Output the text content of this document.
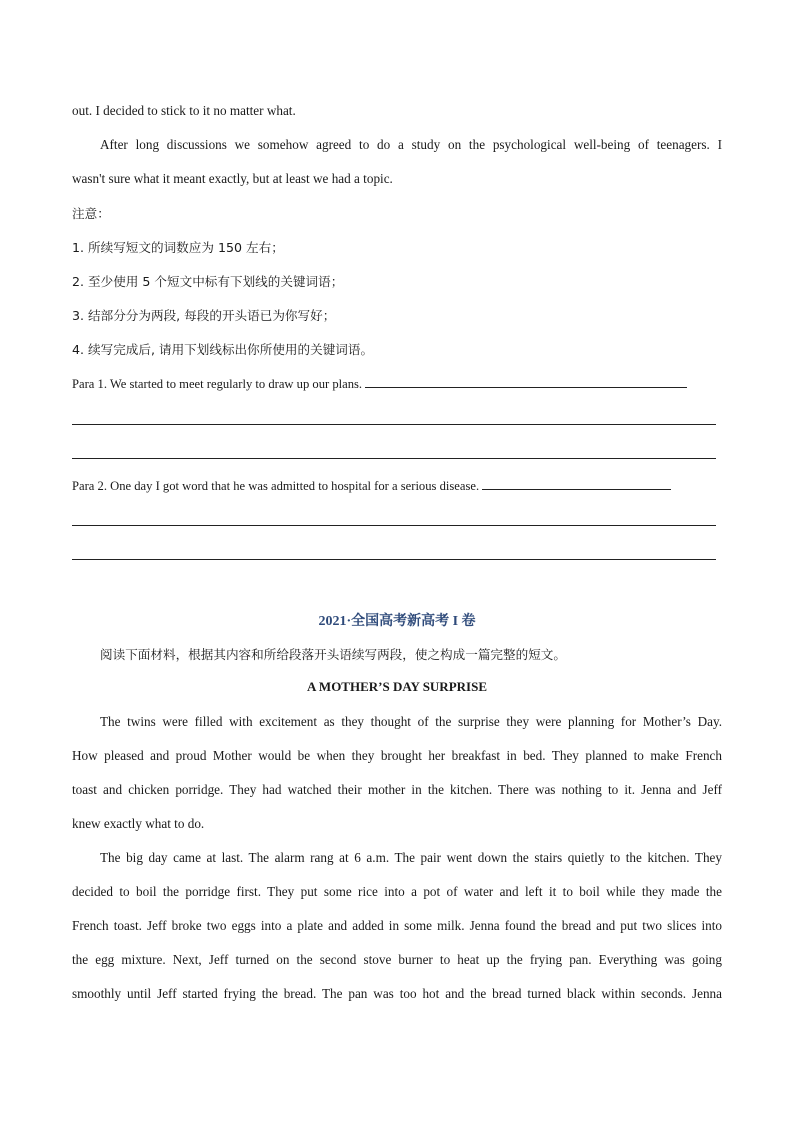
out. I decided to stick to it no matter what.
After long discussions we somehow agreed to do a study on the psychological well-being of teenagers. I
wasn't sure what it meant exactly, but at least we had a topic.
注意：
1. 所续写短文的词数应为 150 左右；
2. 至少使用 5 个短文中标有下划线的关键词语；
3. 结部分分为两段, 每段的开头语已为你写好；
4. 续写完成后, 请用下划线标出你所使用的关键词语。
Para 1. We started to meet regularly to draw up our plans.
Para 2. One day I got word that he was admitted to hospital for a serious disease.
2021·全国高考新高考 I 卷
阅读下面材料，根据其内容和所给段落开头语续写两段，使之构成一篇完整的短文。
A MOTHER’S DAY SURPRISE
The twins were filled with excitement as they thought of the surprise they were planning for Mother’s Day.
How pleased and proud Mother would be when they brought her breakfast in bed. They planned to make French
toast and chicken porridge. They had watched their mother in the kitchen. There was nothing to it. Jenna and Jeff
knew exactly what to do.
The big day came at last. The alarm rang at 6 a.m. The pair went down the stairs quietly to the kitchen. They
decided to boil the porridge first. They put some rice into a pot of water and left it to boil while they made the
French toast. Jeff broke two eggs into a plate and added in some milk. Jenna found the bread and put two slices into
the egg mixture. Next, Jeff turned on the second stove burner to heat up the frying pan. Everything was going
smoothly until Jeff started frying the bread. The pan was too hot and the bread turned black within seconds. Jenna
